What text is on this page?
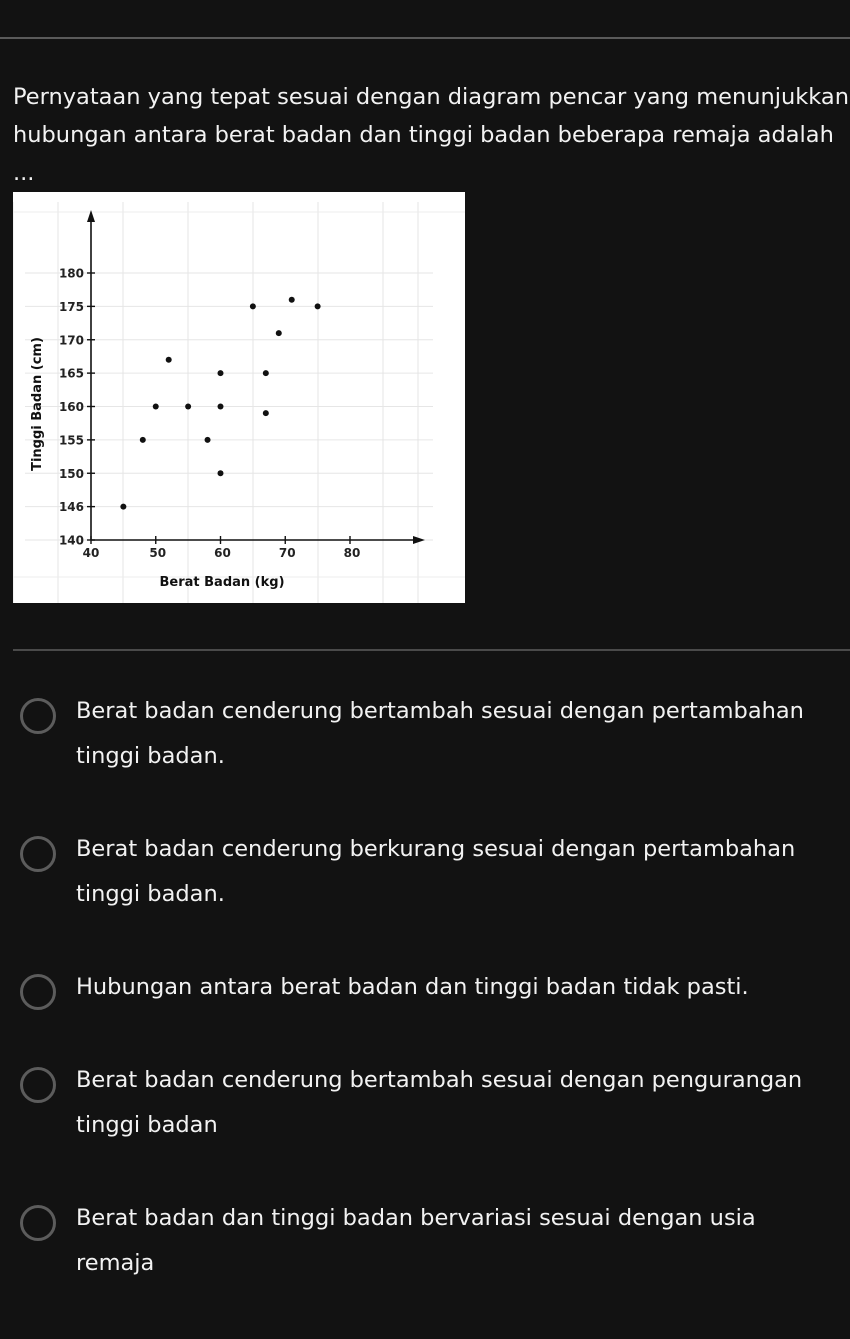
Pernyataan yang tepat sesuai dengan diagram pencar yang menunjukkan hubungan antara berat badan dan tinggi badan beberapa remaja adalah ...

140
146
150
155
160
165
170
175
180
40	50	60	70	80
Berat Badan (kg)
Tinggi Badan (cm)
Berat badan cenderung bertambah sesuai dengan pertambahan tinggi badan.
Berat badan cenderung berkurang sesuai dengan pertambahan tinggi badan.
Hubungan antara berat badan dan tinggi badan tidak pasti.
Berat badan cenderung bertambah sesuai dengan pengurangan tinggi badan
Berat badan dan tinggi badan bervariasi sesuai dengan usia remaja
